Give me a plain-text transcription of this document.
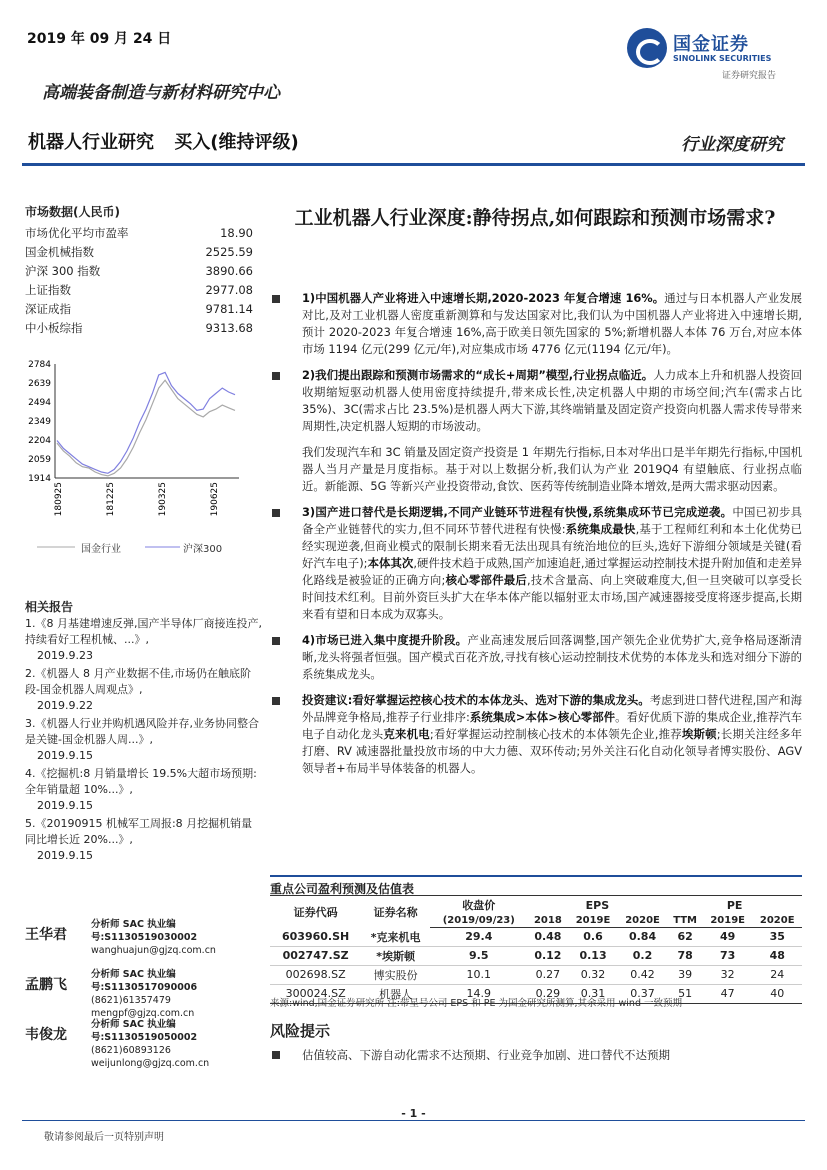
2019 年 09 月 24 日	国金证券
SINOLINK SECURITIES
证券研究报告
高端装备制造与新材料研究中心
机器人行业研究 买入(维持评级)	行业深度研究
市场数据(人民币)
市场优化平均市盈率	18.90
国金机械指数	2525.59
沪深 300 指数	3890.66
上证指数	2977.08
深证成指	9781.14
中小板综指	9313.68
2784
2639
2494
2349
2204
2059
1914
180925	181225	190325	190625
国金行业	沪深300
相关报告
1.《8 月基建增速反弹,国产半导体厂商接连投产,持续看好工程机械、...》,
2019.9.23
2.《机器人 8 月产业数据不佳,市场仍在触底阶段-国金机器人周观点》,
2019.9.22
3.《机器人行业并购机遇风险并存,业务协同整合是关键-国金机器人周...》,
2019.9.15
4.《挖掘机:8 月销量增长 19.5%大超市场预期:全年销量超 10%...》,
2019.9.15
5.《20190915 机械军工周报:8 月挖掘机销量同比增长近 20%...》,
2019.9.15
王华君
分析师 SAC 执业编号:S1130519030002
wanghuajun@gjzq.com.cn
孟鹏飞
分析师 SAC 执业编号:S1130517090006
(8621)61357479
mengpf@gjzq.com.cn
韦俊龙
分析师 SAC 执业编号:S1130519050002
(8621)60893126
weijunlong@gjzq.com.cn
工业机器人行业深度:静待拐点,如何跟踪和预测市场需求?
1)中国机器人产业将进入中速增长期,2020-2023 年复合增速 16%。通过与日本机器人产业发展对比,及对工业机器人密度重新测算和与发达国家对比,我们认为中国机器人产业将进入中速增长期,预计 2020-2023 年复合增速 16%,高于欧美日领先国家的 5%;新增机器人本体 76 万台,对应本体市场 1194 亿元(299 亿元/年),对应集成市场 4776 亿元(1194 亿元/年)。
2)我们提出跟踪和预测市场需求的“成长+周期”模型,行业拐点临近。人力成本上升和机器人投资回收期缩短驱动机器人使用密度持续提升,带来成长性,决定机器人中期的市场空间;汽车(需求占比 35%)、3C(需求占比 23.5%)是机器人两大下游,其终端销量及固定资产投资向机器人需求传导带来周期性,决定机器人短期的市场波动。
我们发现汽车和 3C 销量及固定资产投资是 1 年期先行指标,日本对华出口是半年期先行指标,中国机器人当月产量是月度指标。基于对以上数据分析,我们认为产业 2019Q4 有望触底、行业拐点临近。新能源、5G 等新兴产业投资带动,食饮、医药等传统制造业降本增效,是两大需求驱动因素。
3)国产进口替代是长期逻辑,不同产业链环节进程有快慢,系统集成环节已完成逆袭。中国已初步具备全产业链替代的实力,但不同环节替代进程有快慢:系统集成最快,基于工程师红利和本土化优势已经实现逆袭,但商业模式的限制长期来看无法出现具有统治地位的巨头,选好下游细分领域是关键(看好汽车电子);本体其次,硬件技术趋于成熟,国产加速追赶,通过掌握运动控制技术提升附加值和走差异化路线是被验证的正确方向;核心零部件最后,技术含量高、向上突破难度大,但一旦突破可以享受长时间技术红利。目前外资巨头扩大在华本体产能以辐射亚太市场,国产减速器接受度将逐步提高,长期来看有望和日本成为双寡头。
4)市场已进入集中度提升阶段。产业高速发展后回落调整,国产领先企业优势扩大,竞争格局逐渐清晰,龙头将强者恒强。国产模式百花齐放,寻找有核心运动控制技术优势的本体龙头和选对细分下游的系统集成龙头。
投资建议:看好掌握运控核心技术的本体龙头、选对下游的集成龙头。考虑到进口替代进程,国产和海外品牌竞争格局,推荐子行业排序:系统集成>本体>核心零部件。看好优质下游的集成企业,推荐汽车电子自动化龙头克来机电;看好掌握运动控制核心技术的本体领先企业,推荐埃斯顿;长期关注经多年打磨、RV 减速器批量投放市场的中大力德、双环传动;另外关注石化自动化领导者博实股份、AGV 领导者+布局半导体装备的机器人。
重点公司盈利预测及估值表
证券代码	证券名称	收盘价	EPS			PE		
		(2019/09/23)	2018	2019E	2020E	TTM	2019E	2020E
603960.SH	*克来机电	29.4	0.48	0.6	0.84	62	49	35
002747.SZ	*埃斯顿	9.5	0.12	0.13	0.2	78	73	48
002698.SZ	博实股份	10.1	0.27	0.32	0.42	39	32	24
300024.SZ	机器人	14.9	0.29	0.31	0.37	51	47	40
来源:wind,国金证券研究所 注:带星号公司 EPS 和 PE 为国金研究所测算,其余采用 wind 一致预期
风险提示
估值较高、下游自动化需求不达预期、行业竞争加剧、进口替代不达预期
- 1 -
敬请参阅最后一页特别声明
